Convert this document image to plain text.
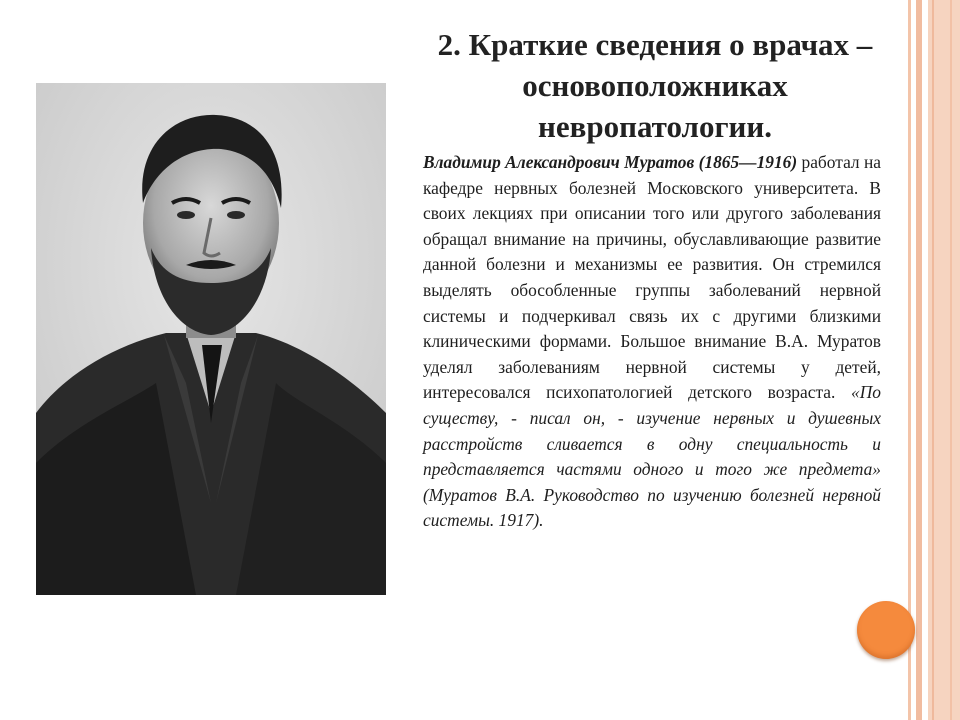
2. Краткие сведения о врачах – основоположниках невропатологии.

Владимир Александрович Муратов (1865—1916) работал на кафедре нервных болезней Московского университета. В своих лекциях при описании того или другого заболевания обращал внимание на причины, обуславливающие развитие данной болезни и механизмы ее развития. Он стремился выделять обособленные группы заболеваний нервной системы и подчеркивал связь их с другими близкими клиническими формами. Большое внимание В.А. Муратов уделял заболеваниям нервной системы у детей, интересовался психопатологией детского возраста. «По существу, - писал он, - изучение нервных и душевных расстройств сливается в одну специальность и представляется частями одного и того же предмета» (Муратов В.А. Руководство по изучению болезней нервной системы. 1917).
